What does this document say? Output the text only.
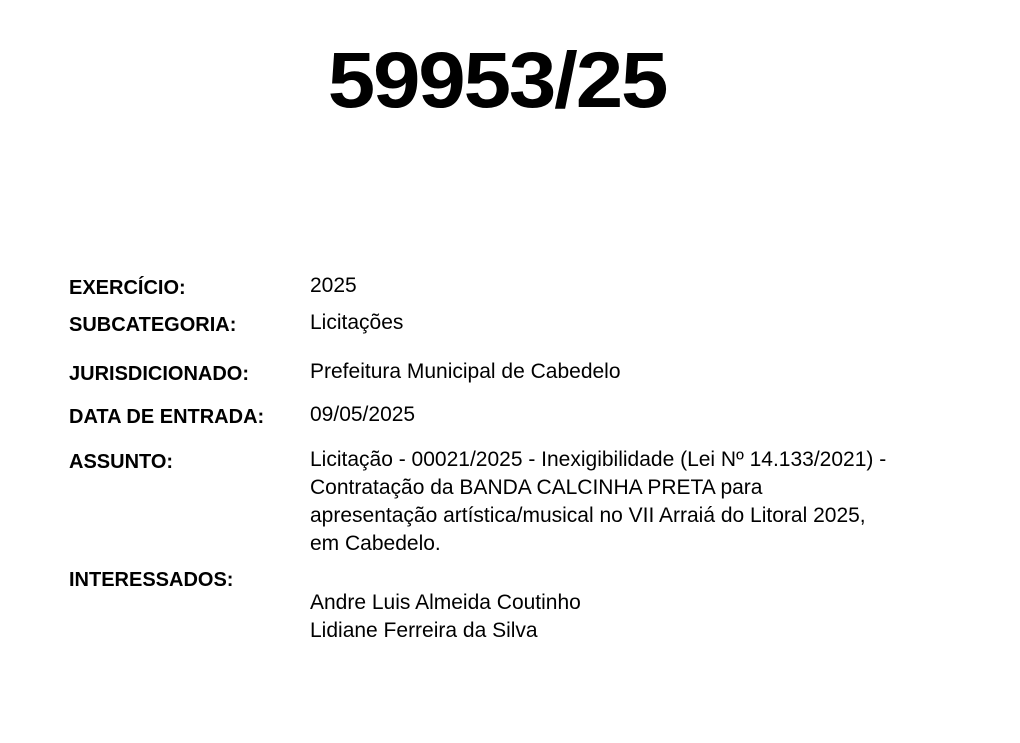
59953/25
EXERCÍCIO:	2025
SUBCATEGORIA:	Licitações
JURISDICIONADO:	Prefeitura Municipal de Cabedelo
DATA DE ENTRADA: 09/05/2025
ASSUNTO:	Licitação - 00021/2025 - Inexigibilidade (Lei Nº 14.133/2021) -
Contratação da BANDA CALCINHA PRETA para
apresentação artística/musical no VII Arraiá do Litoral 2025,
em Cabedelo.
INTERESSADOS:
Andre Luis Almeida Coutinho
Lidiane Ferreira da Silva
